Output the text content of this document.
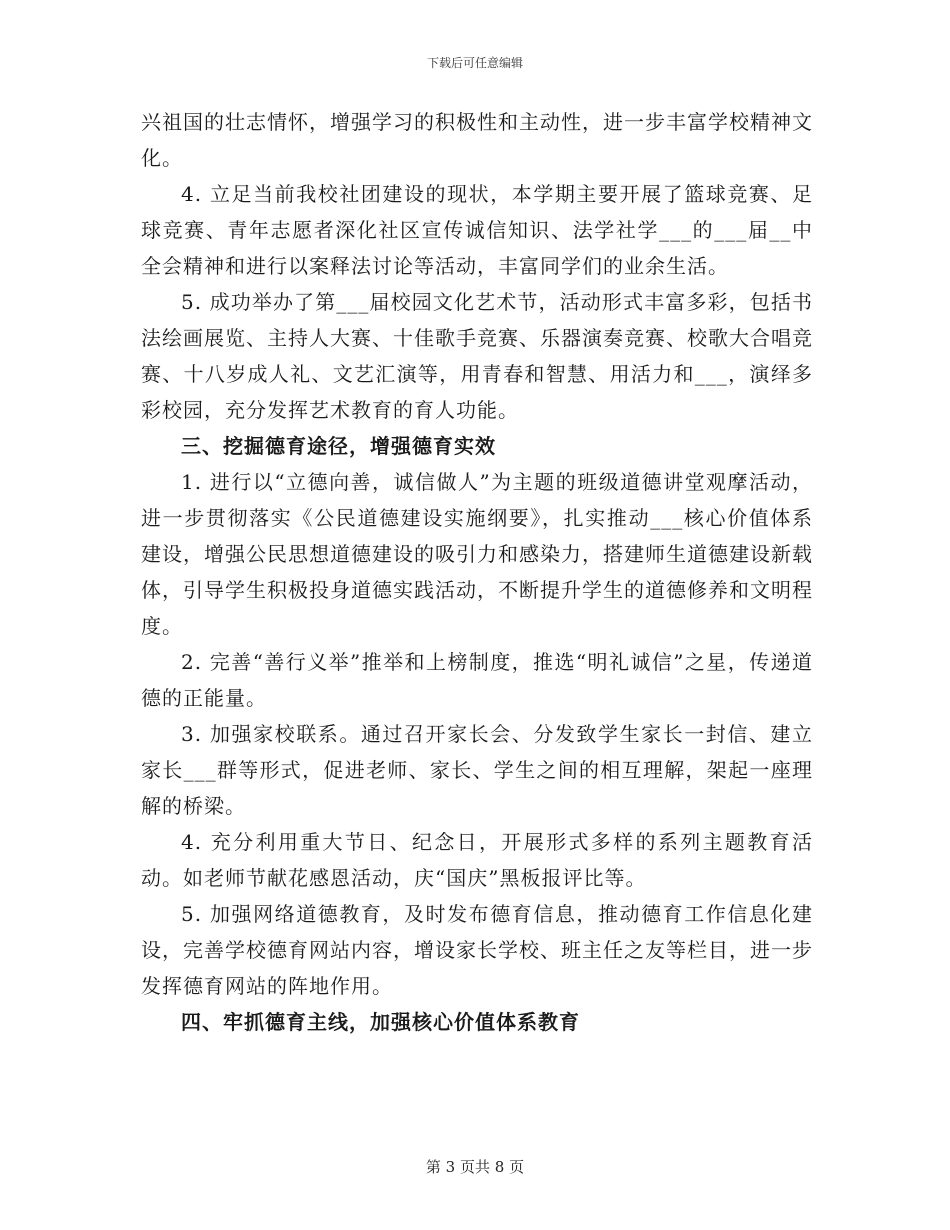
下载后可任意编辑

兴祖国的壮志情怀，增强学习的积极性和主动性，进一步丰富学校精神文化。

4. 立足当前我校社团建设的现状，本学期主要开展了篮球竞赛、足球竞赛、青年志愿者深化社区宣传诚信知识、法学社学___的___届__中全会精神和进行以案释法讨论等活动，丰富同学们的业余生活。

5. 成功举办了第___届校园文化艺术节，活动形式丰富多彩，包括书法绘画展览、主持人大赛、十佳歌手竞赛、乐器演奏竞赛、校歌大合唱竞赛、十八岁成人礼、文艺汇演等，用青春和智慧、用活力和___，演绎多彩校园，充分发挥艺术教育的育人功能。

三、挖掘德育途径，增强德育实效

1. 进行以“立德向善，诚信做人”为主题的班级道德讲堂观摩活动，进一步贯彻落实《公民道德建设实施纲要》，扎实推动___核心价值体系建设，增强公民思想道德建设的吸引力和感染力，搭建师生道德建设新载体，引导学生积极投身道德实践活动，不断提升学生的道德修养和文明程度。

2. 完善“善行义举”推举和上榜制度，推选“明礼诚信”之星，传递道德的正能量。

3. 加强家校联系。通过召开家长会、分发致学生家长一封信、建立家长___群等形式，促进老师、家长、学生之间的相互理解，架起一座理解的桥梁。

4. 充分利用重大节日、纪念日，开展形式多样的系列主题教育活动。如老师节献花感恩活动，庆“国庆”黑板报评比等。

5. 加强网络道德教育，及时发布德育信息，推动德育工作信息化建设，完善学校德育网站内容，增设家长学校、班主任之友等栏目，进一步发挥德育网站的阵地作用。

四、牢抓德育主线，加强核心价值体系教育

第 3 页共 8 页
